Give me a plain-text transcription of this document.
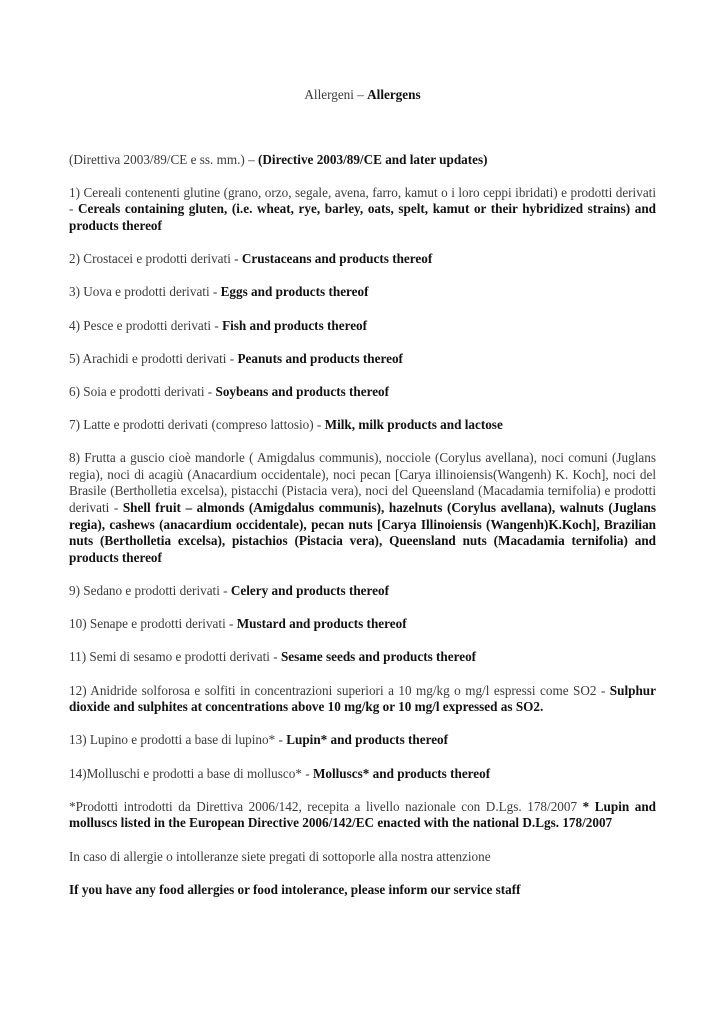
Allergeni – Allergens
(Direttiva 2003/89/CE e ss. mm.) – (Directive 2003/89/CE and later updates)
1) Cereali contenenti glutine (grano, orzo, segale, avena, farro, kamut o i loro ceppi ibridati) e prodotti derivati - Cereals containing gluten, (i.e. wheat, rye, barley, oats, spelt, kamut or their hybridized strains) and products thereof
2) Crostacei e prodotti derivati - Crustaceans and products thereof
3) Uova e prodotti derivati - Eggs and products thereof
4) Pesce e prodotti derivati - Fish and products thereof
5) Arachidi e prodotti derivati - Peanuts and products thereof
6) Soia e prodotti derivati - Soybeans and products thereof
7) Latte e prodotti derivati (compreso lattosio) - Milk, milk products and lactose
8) Frutta a guscio cioè mandorle ( Amigdalus communis), nocciole (Corylus avellana), noci comuni (Juglans regia), noci di acagiù (Anacardium occidentale), noci pecan [Carya illinoiensis(Wangenh) K. Koch], noci del Brasile (Bertholletia excelsa), pistacchi (Pistacia vera), noci del Queensland (Macadamia ternifolia) e prodotti derivati - Shell fruit – almonds (Amigdalus communis), hazelnuts (Corylus avellana), walnuts (Juglans regia), cashews (anacardium occidentale), pecan nuts [Carya Illinoiensis (Wangenh)K.Koch], Brazilian nuts (Bertholletia excelsa), pistachios (Pistacia vera), Queensland nuts (Macadamia ternifolia) and products thereof
9) Sedano e prodotti derivati - Celery and products thereof
10) Senape e prodotti derivati - Mustard and products thereof
11) Semi di sesamo e prodotti derivati - Sesame seeds and products thereof
12) Anidride solforosa e solfiti in concentrazioni superiori a 10 mg/kg o mg/l espressi come SO2 - Sulphur dioxide and sulphites at concentrations above 10 mg/kg or 10 mg/l expressed as SO2.
13) Lupino e prodotti a base di lupino* - Lupin* and products thereof
14)Molluschi e prodotti a base di mollusco* - Molluscs* and products thereof
*Prodotti introdotti da Direttiva 2006/142, recepita a livello nazionale con D.Lgs. 178/2007 * Lupin and molluscs listed in the European Directive 2006/142/EC enacted with the national D.Lgs. 178/2007
In caso di allergie o intolleranze siete pregati di sottoporle alla nostra attenzione
If you have any food allergies or food intolerance, please inform our service staff
